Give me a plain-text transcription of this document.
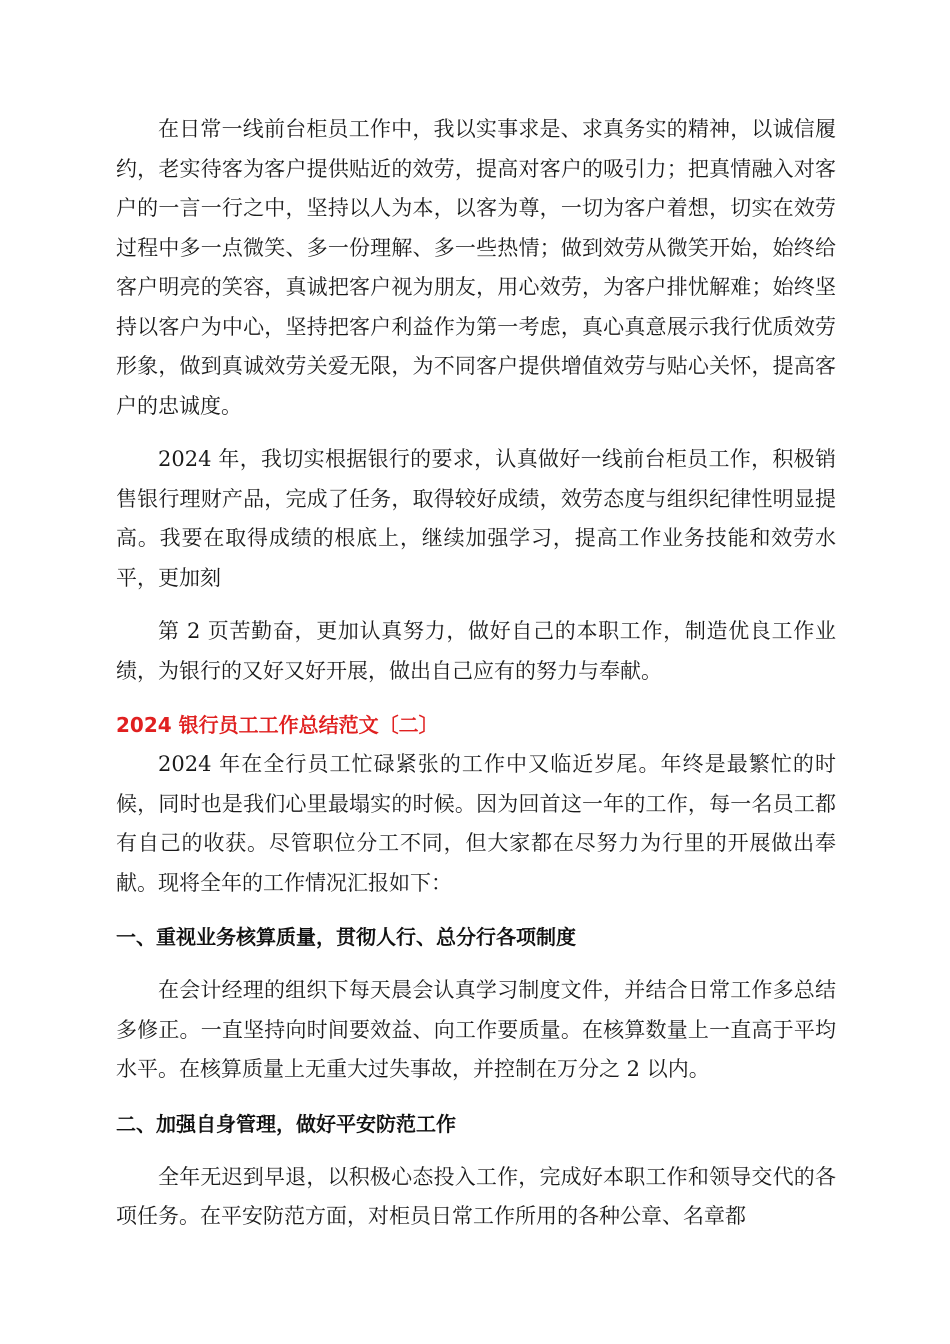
在日常一线前台柜员工作中，我以实事求是、求真务实的精神，以诚信履约，老实待客为客户提供贴近的效劳，提高对客户的吸引力；把真情融入对客户的一言一行之中，坚持以人为本，以客为尊，一切为客户着想，切实在效劳过程中多一点微笑、多一份理解、多一些热情；做到效劳从微笑开始，始终给客户明亮的笑容，真诚把客户视为朋友，用心效劳，为客户排忧解难；始终坚持以客户为中心，坚持把客户利益作为第一考虑，真心真意展示我行优质效劳形象，做到真诚效劳关爱无限，为不同客户提供增值效劳与贴心关怀，提高客户的忠诚度。

2024 年，我切实根据银行的要求，认真做好一线前台柜员工作，积极销售银行理财产品，完成了任务，取得较好成绩，效劳态度与组织纪律性明显提高。我要在取得成绩的根底上，继续加强学习，提高工作业务技能和效劳水平，更加刻

第 2 页苦勤奋，更加认真努力，做好自己的本职工作，制造优良工作业绩，为银行的又好又好开展，做出自己应有的努力与奉献。

2024 银行员工工作总结范文〔二〕

2024 年在全行员工忙碌紧张的工作中又临近岁尾。年终是最繁忙的时候，同时也是我们心里最塌实的时候。因为回首这一年的工作，每一名员工都有自己的收获。尽管职位分工不同，但大家都在尽努力为行里的开展做出奉献。现将全年的工作情况汇报如下：

一、重视业务核算质量，贯彻人行、总分行各项制度

在会计经理的组织下每天晨会认真学习制度文件，并结合日常工作多总结多修正。一直坚持向时间要效益、向工作要质量。在核算数量上一直高于平均水平。在核算质量上无重大过失事故，并控制在万分之 2 以内。

二、加强自身管理，做好平安防范工作

全年无迟到早退，以积极心态投入工作，完成好本职工作和领导交代的各项任务。在平安防范方面，对柜员日常工作所用的各种公章、名章都
